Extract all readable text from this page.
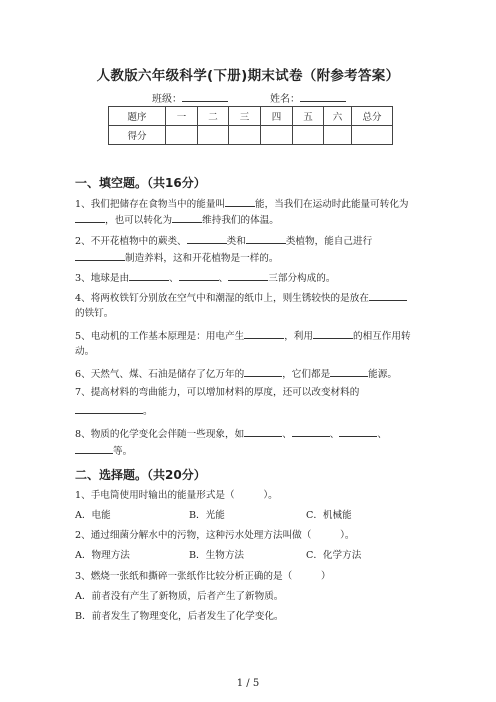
人教版六年级科学(下册)期末试卷（附参考答案）
班级：	姓名：
题序	一	二	三	四	五	六	总分
得分							
一、填空题。（共16分）
1、我们把储存在食物当中的能量叫	能，当我们在运动时此能量可转化为
，也可以转化为	维持我们的体温。
2、不开花植物中的蕨类、	类和	类植物，能自己进行
制造养料，这和开花植物是一样的。
3、地球是由	、	、	三部分构成的。
4、将两枚铁钉分别放在空气中和潮湿的纸巾上，则生锈较快的是放在
的铁钉。
5、电动机的工作基本原理是：用电产生	，利用	的相互作用转
动。
6、天然气、煤、石油是储存了亿万年的	，它们都是	能源。
7、提高材料的弯曲能力，可以增加材料的厚度，还可以改变材料的
。
8、物质的化学变化会伴随一些现象，如	、	、	、
等。
二、选择题。（共20分）
1、手电筒使用时输出的能量形式是（　　　）。
A．电能	B．光能	C．机械能
2、通过细菌分解水中的污物，这种污水处理方法叫做（　　　）。
A．物理方法	B．生物方法	C．化学方法
3、燃烧一张纸和撕碎一张纸作比较分析正确的是（　　　）
A．前者没有产生了新物质，后者产生了新物质。
B．前者发生了物理变化，后者发生了化学变化。
1 / 5
